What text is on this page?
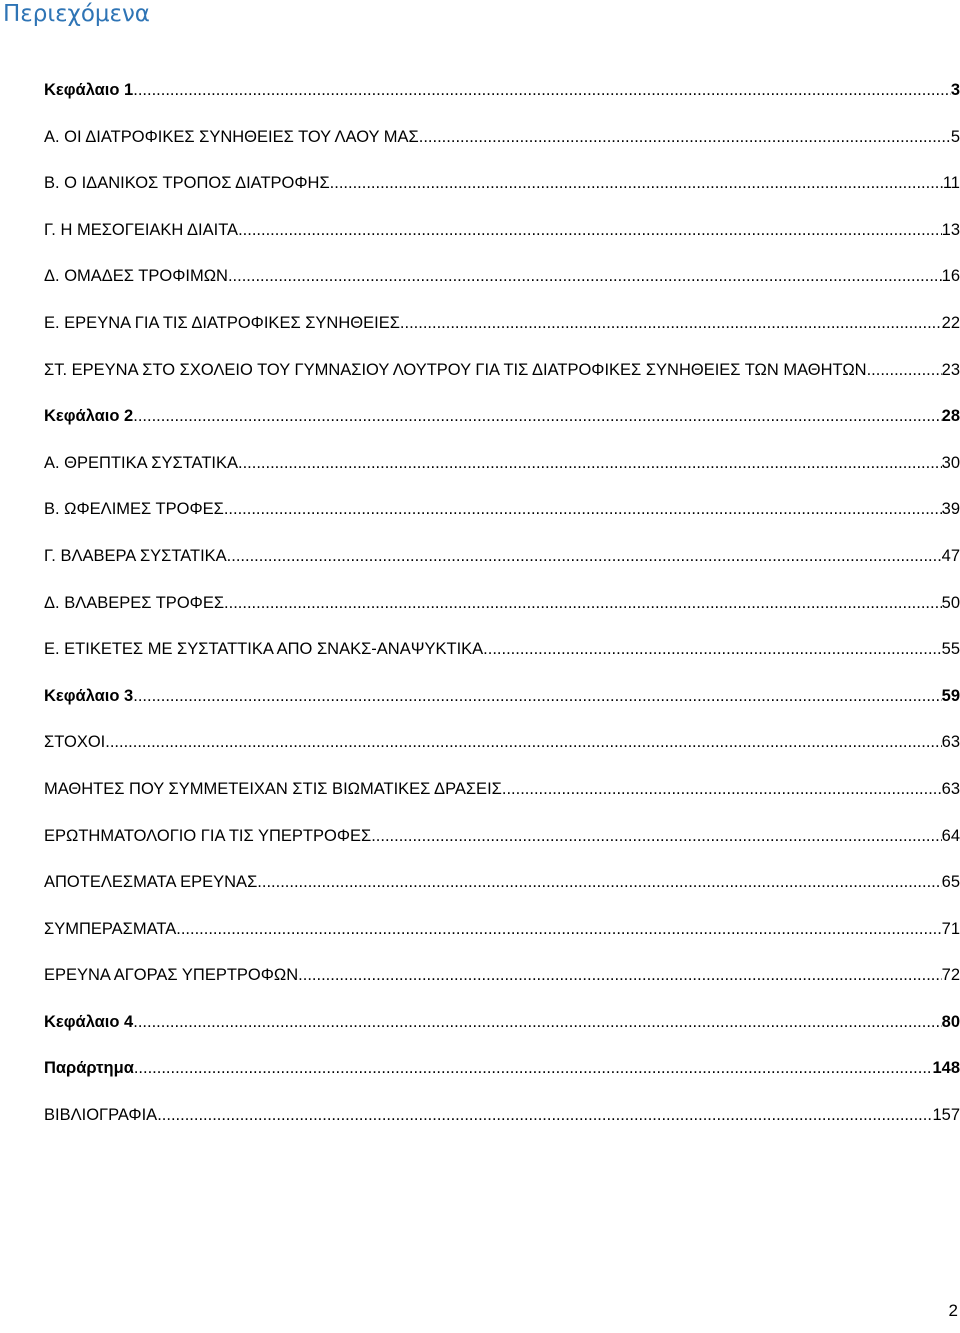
Περιεχόμενα
Κεφάλαιο 1 .....	3
Α. ΟΙ ΔΙΑΤΡΟΦΙΚΕΣ ΣΥΝΗΘΕΙΕΣ ΤΟΥ ΛΑΟΥ ΜΑΣ .....	5
Β. Ο ΙΔΑΝΙΚΟΣ ΤΡΟΠΟΣ ΔΙΑΤΡΟΦΗΣ .....	11
Γ. Η ΜΕΣΟΓΕΙΑΚΗ ΔΙΑΙΤΑ .....	13
Δ. ΟΜΑΔΕΣ ΤΡΟΦΙΜΩΝ .....	16
Ε. ΕΡΕΥΝΑ ΓΙΑ ΤΙΣ ΔΙΑΤΡΟΦΙΚΕΣ ΣΥΝΗΘΕΙΕΣ .....	22
ΣΤ. ΕΡΕΥΝΑ ΣΤΟ ΣΧΟΛΕΙΟ ΤΟΥ ΓΥΜΝΑΣΙΟΥ ΛΟΥΤΡΟΥ ΓΙΑ ΤΙΣ ΔΙΑΤΡΟΦΙΚΕΣ ΣΥΝΗΘΕΙΕΣ ΤΩΝ ΜΑΘΗΤΩΝ .....	23
Κεφάλαιο 2 .....	28
Α. ΘΡΕΠΤΙΚΑ ΣΥΣΤΑΤΙΚΑ .....	30
Β. ΩΦΕΛΙΜΕΣ ΤΡΟΦΕΣ .....	39
Γ. ΒΛΑΒΕΡΑ ΣΥΣΤΑΤΙΚΑ .....	47
Δ. ΒΛΑΒΕΡΕΣ ΤΡΟΦΕΣ .....	50
Ε. ΕΤΙΚΕΤΕΣ ΜΕ ΣΥΣΤΑΤΤΙΚΑ ΑΠΟ ΣΝΑΚΣ-ΑΝΑΨΥΚΤΙΚΑ .....	55
Κεφάλαιο 3 .....	59
ΣΤΟΧΟΙ .....	63
ΜΑΘΗΤΕΣ ΠΟΥ ΣΥΜΜΕΤΕΙΧΑΝ ΣΤΙΣ ΒΙΩΜΑΤΙΚΕΣ ΔΡΑΣΕΙΣ .....	63
ΕΡΩΤΗΜΑΤΟΛΟΓΙΟ ΓΙΑ ΤΙΣ ΥΠΕΡΤΡΟΦΕΣ .....	64
ΑΠΟΤΕΛΕΣΜΑΤΑ ΕΡΕΥΝΑΣ .....	65
ΣΥΜΠΕΡΑΣΜΑΤΑ .....	71
ΕΡΕΥΝΑ ΑΓΟΡΑΣ ΥΠΕΡΤΡΟΦΩΝ .....	72
Κεφάλαιο 4 .....	80
Παράρτημα .....	148
ΒΙΒΛΙΟΓΡΑΦΙΑ .....	157
2
